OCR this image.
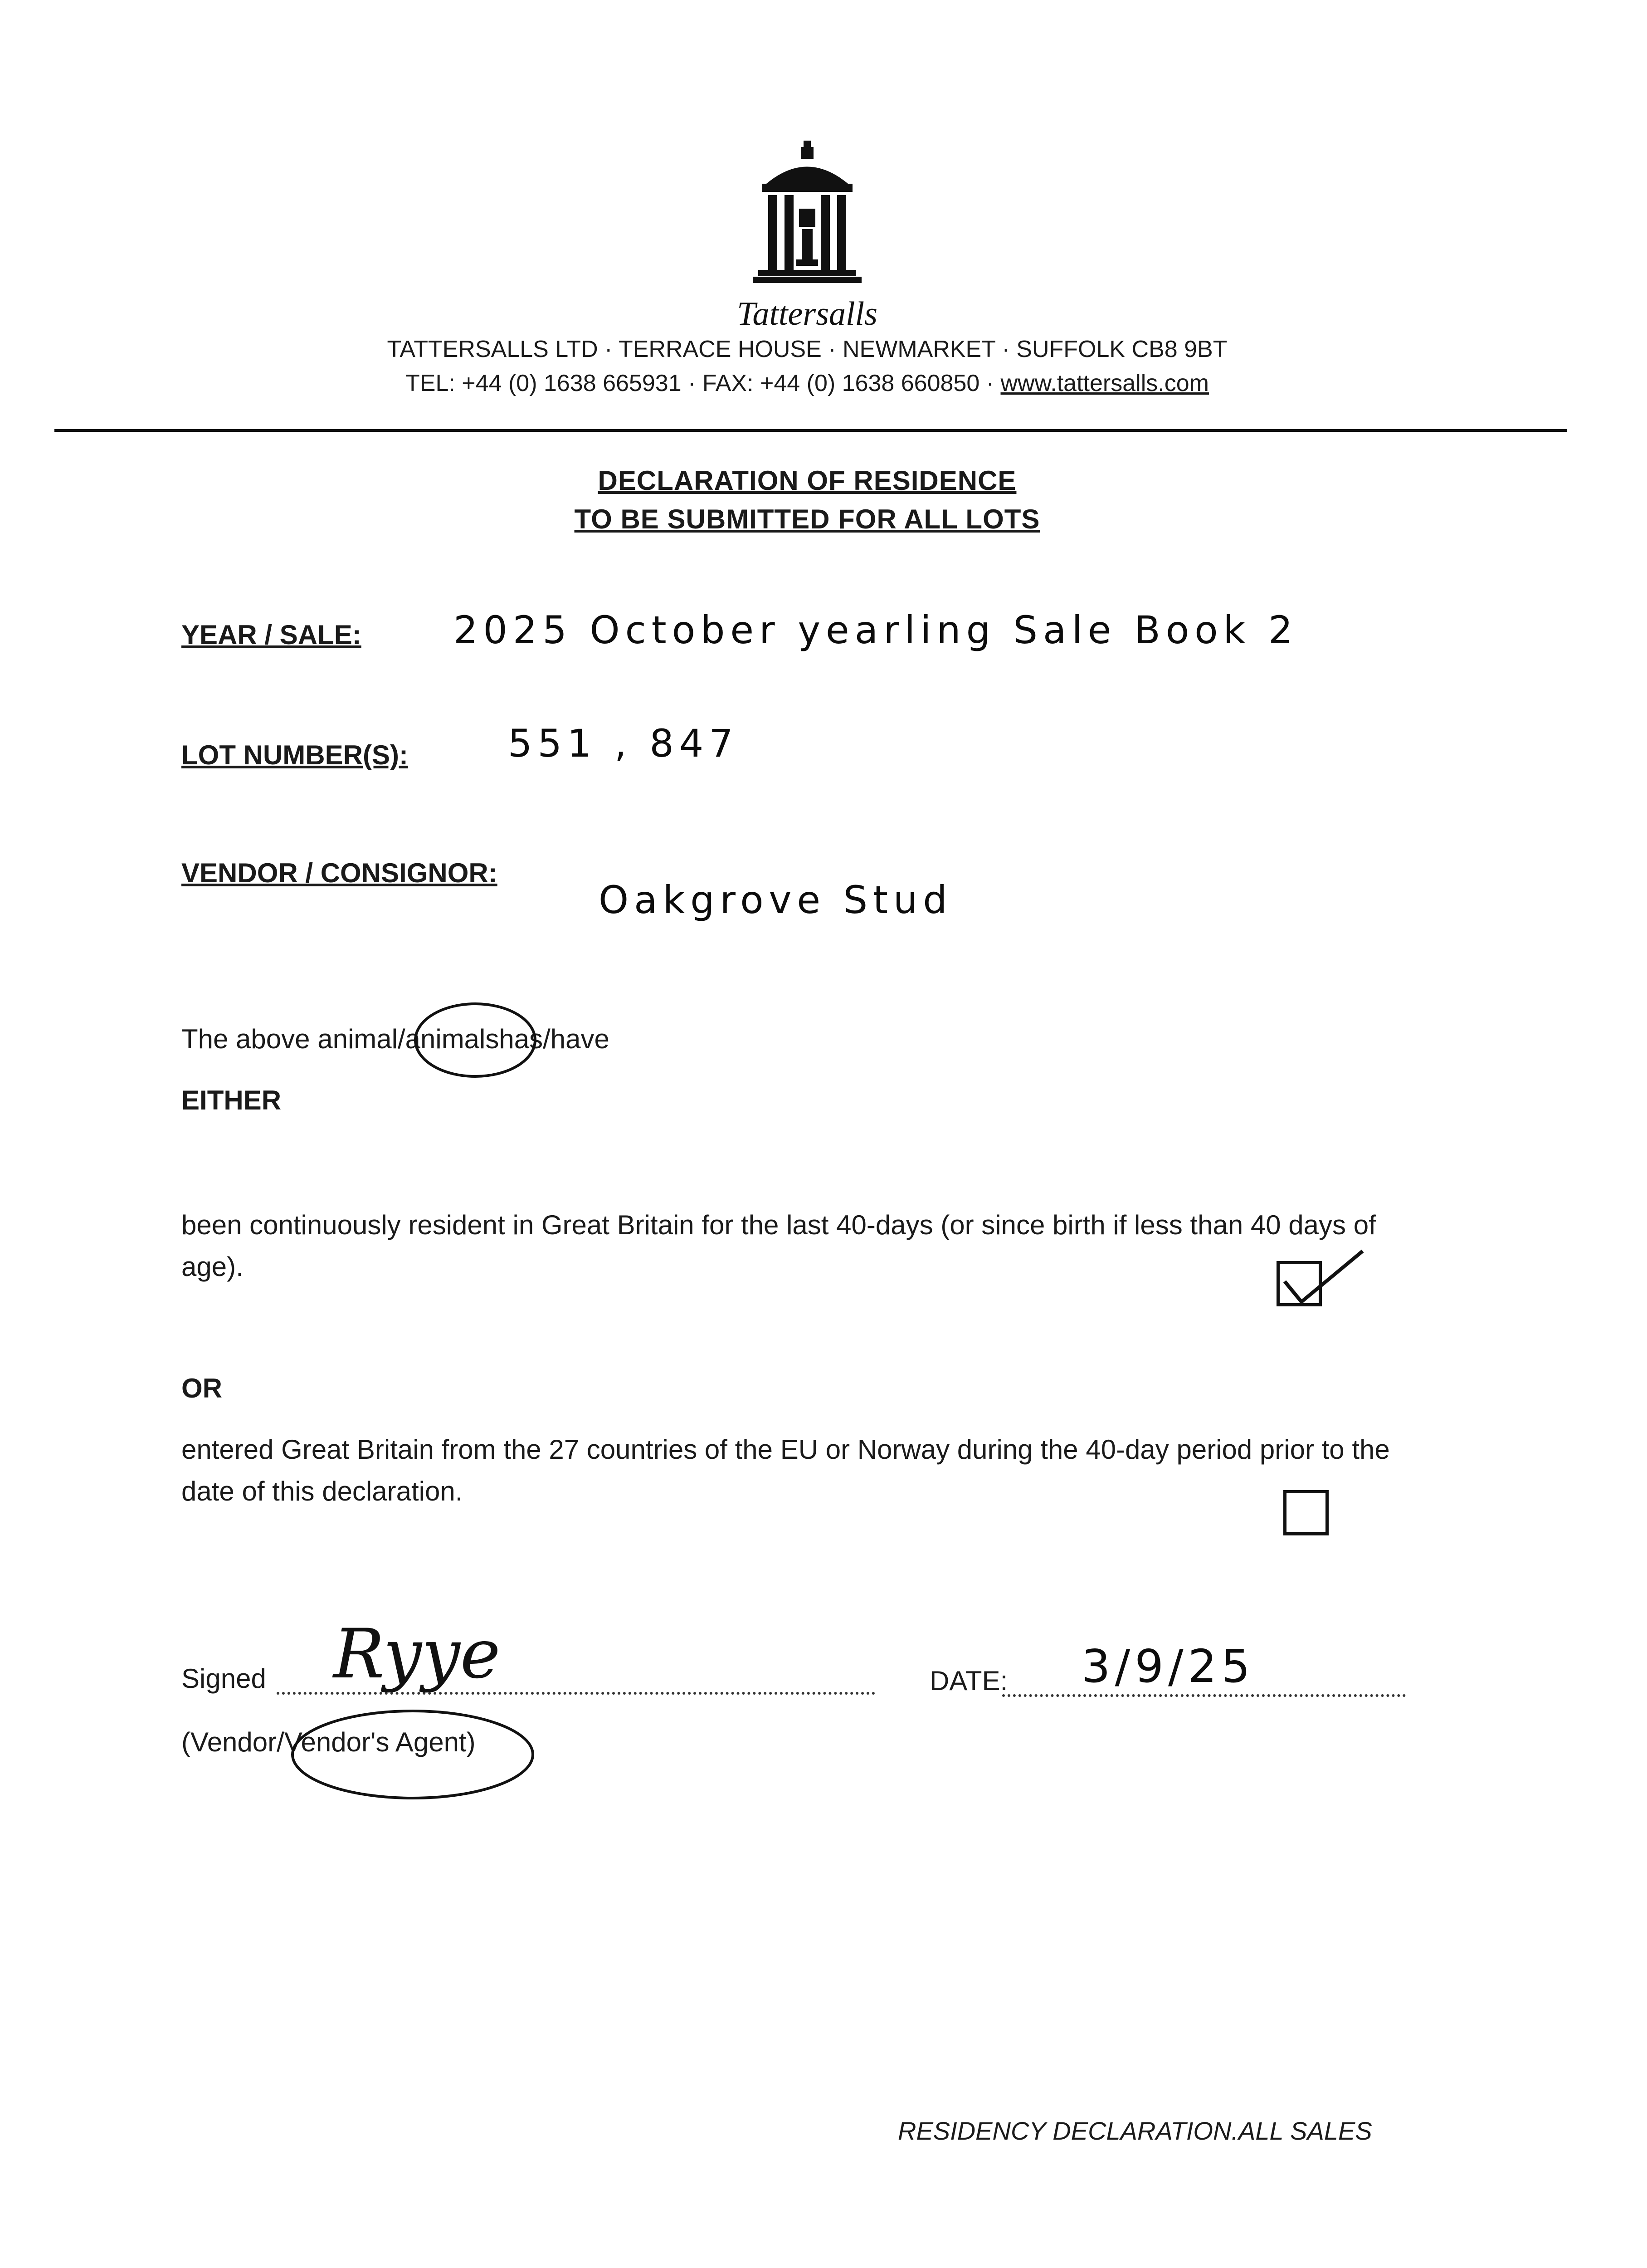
Tattersalls
TATTERSALLS LTD · TERRACE HOUSE · NEWMARKET · SUFFOLK CB8 9BT
TEL: +44 (0) 1638 665931 · FAX: +44 (0) 1638 660850 · www.tattersalls.com
DECLARATION OF RESIDENCE
TO BE SUBMITTED FOR ALL LOTS
YEAR / SALE: 2025 October yearling Sale Book 2
LOT NUMBER(S):	551 , 847
VENDOR / CONSIGNOR:
Oakgrove Stud
The above animal/animalshas/have
EITHER
been continuously resident in Great Britain for the last 40-days (or since birth if less than 40 days of age).
OR
entered Great Britain from the 27 countries of the EU or Norway during the 40-day period prior to the date of this declaration.
Signed Ryye
(Vendor/Vendor's Agent)
DATE:	3/9/25
RESIDENCY DECLARATION.ALL SALES
